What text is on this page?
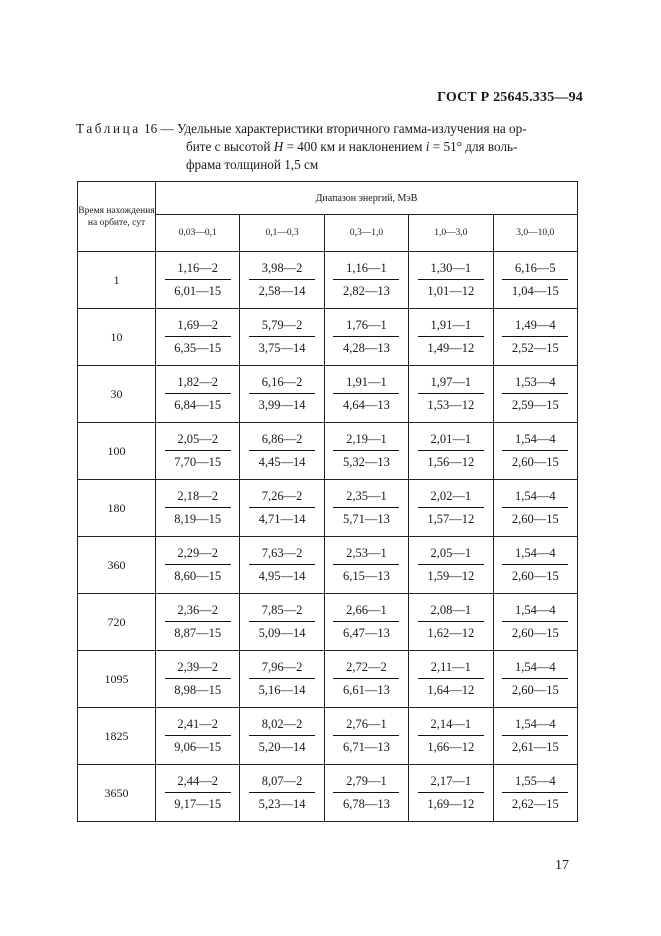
ГОСТ Р 25645.335—94
Таблица 16 — Удельные характеристики вторичного гамма-излучения на ор-
бите с высотой H = 400 км и наклонением i = 51° для воль-
фрама толщиной 1,5 см
Время нахождения на орбите, сут	Диапазон энергий, МэВ				
	0,03—0,1	0,1—0,3	0,3—1,0	1,0—3,0	3,0—10,0
1	$\frac{1,16—2}{6,01—15}$	$\frac{3,98—2}{2,58—14}$	$\frac{1,16—1}{2,82—13}$	$\frac{1,30—1}{1,01—12}$	$\frac{6,16—5}{1,04—15}$

10	$\frac{1,69—2}{6,35—15}$	$\frac{5,79—2}{3,75—14}$	$\frac{1,76—1}{4,28—13}$	$\frac{1,91—1}{1,49—12}$	$\frac{1,49—4}{2,52—15}$

30	$\frac{1,82—2}{6,84—15}$	$\frac{6,16—2}{3,99—14}$	$\frac{1,91—1}{4,64—13}$	$\frac{1,97—1}{1,53—12}$	$\frac{1,53—4}{2,59—15}$

100	$\frac{2,05—2}{7,70—15}$	$\frac{6,86—2}{4,45—14}$	$\frac{2,19—1}{5,32—13}$	$\frac{2,01—1}{1,56—12}$	$\frac{1,54—4}{2,60—15}$

180	$\frac{2,18—2}{8,19—15}$	$\frac{7,26—2}{4,71—14}$	$\frac{2,35—1}{5,71—13}$	$\frac{2,02—1}{1,57—12}$	$\frac{1,54—4}{2,60—15}$

360	$\frac{2,29—2}{8,60—15}$	$\frac{7,63—2}{4,95—14}$	$\frac{2,53—1}{6,15—13}$	$\frac{2,05—1}{1,59—12}$	$\frac{1,54—4}{2,60—15}$

720	$\frac{2,36—2}{8,87—15}$	$\frac{7,85—2}{5,09—14}$	$\frac{2,66—1}{6,47—13}$	$\frac{2,08—1}{1,62—12}$	$\frac{1,54—4}{2,60—15}$

1095	$\frac{2,39—2}{8,98—15}$	$\frac{7,96—2}{5,16—14}$	$\frac{2,72—2}{6,61—13}$	$\frac{2,11—1}{1,64—12}$	$\frac{1,54—4}{2,60—15}$

1825	$\frac{2,41—2}{9,06—15}$	$\frac{8,02—2}{5,20—14}$	$\frac{2,76—1}{6,71—13}$	$\frac{2,14—1}{1,66—12}$	$\frac{1,54—4}{2,61—15}$

3650	$\frac{2,44—2}{9,17—15}$	$\frac{8,07—2}{5,23—14}$	$\frac{2,79—1}{6,78—13}$	$\frac{2,17—1}{1,69—12}$	$\frac{1,55—4}{2,62—15}$
17
